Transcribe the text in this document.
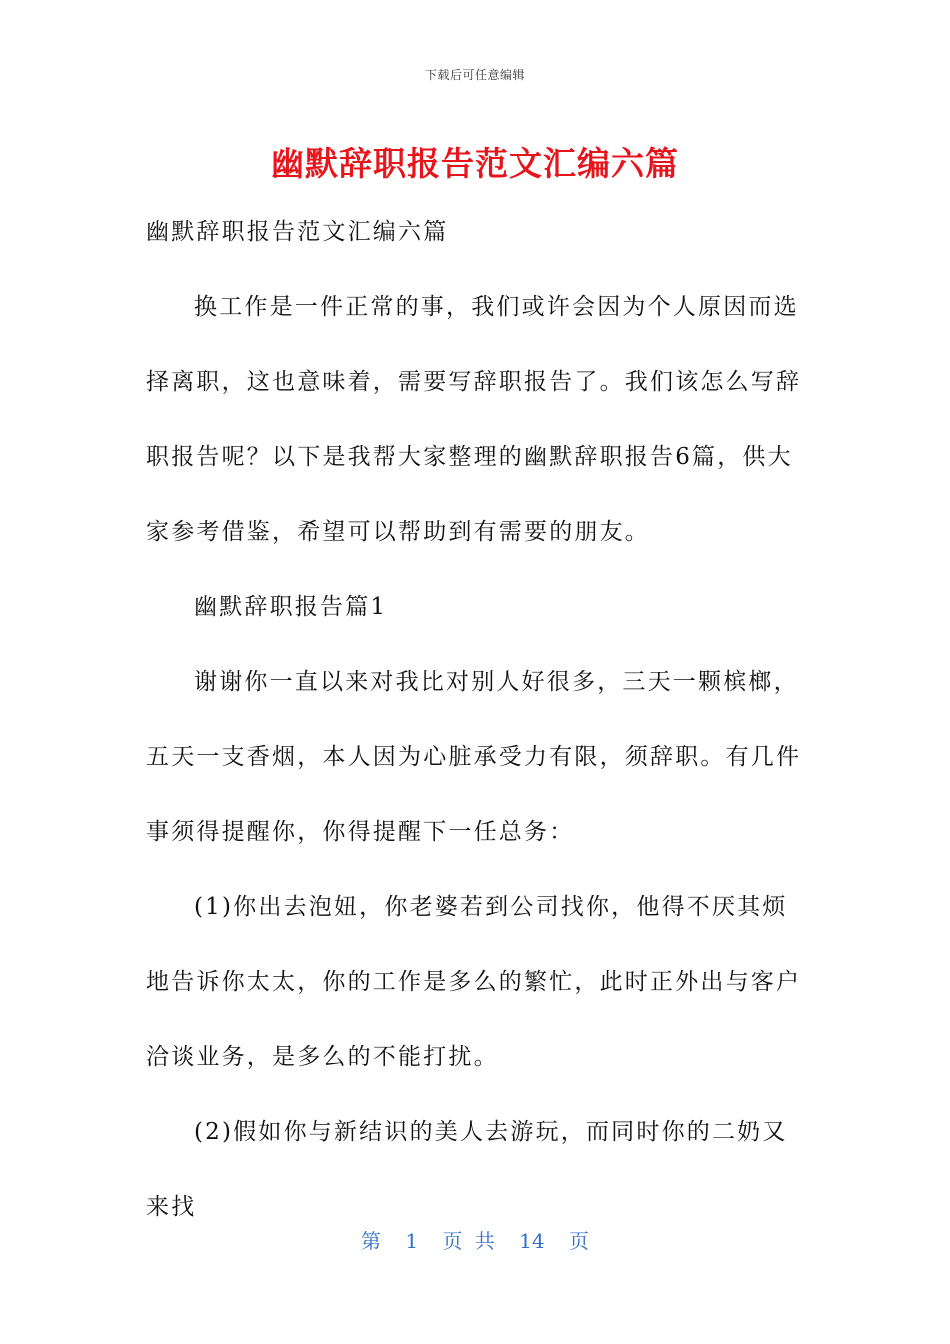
下载后可任意编辑
幽默辞职报告范文汇编六篇

幽默辞职报告范文汇编六篇

换工作是一件正常的事，我们或许会因为个人原因而选择离职，这也意味着，需要写辞职报告了。我们该怎么写辞职报告呢？以下是我帮大家整理的幽默辞职报告6篇，供大家参考借鉴，希望可以帮助到有需要的朋友。

幽默辞职报告篇1

谢谢你一直以来对我比对别人好很多，三天一颗槟榔，五天一支香烟，本人因为心脏承受力有限，须辞职。有几件事须得提醒你，你得提醒下一任总务：

(1)你出去泡妞，你老婆若到公司找你，他得不厌其烦地告诉你太太，你的工作是多么的繁忙，此时正外出与客户洽谈业务，是多么的不能打扰。

(2)假如你与新结识的美人去游玩，而同时你的二奶又来找

第 1 页 共 14 页
